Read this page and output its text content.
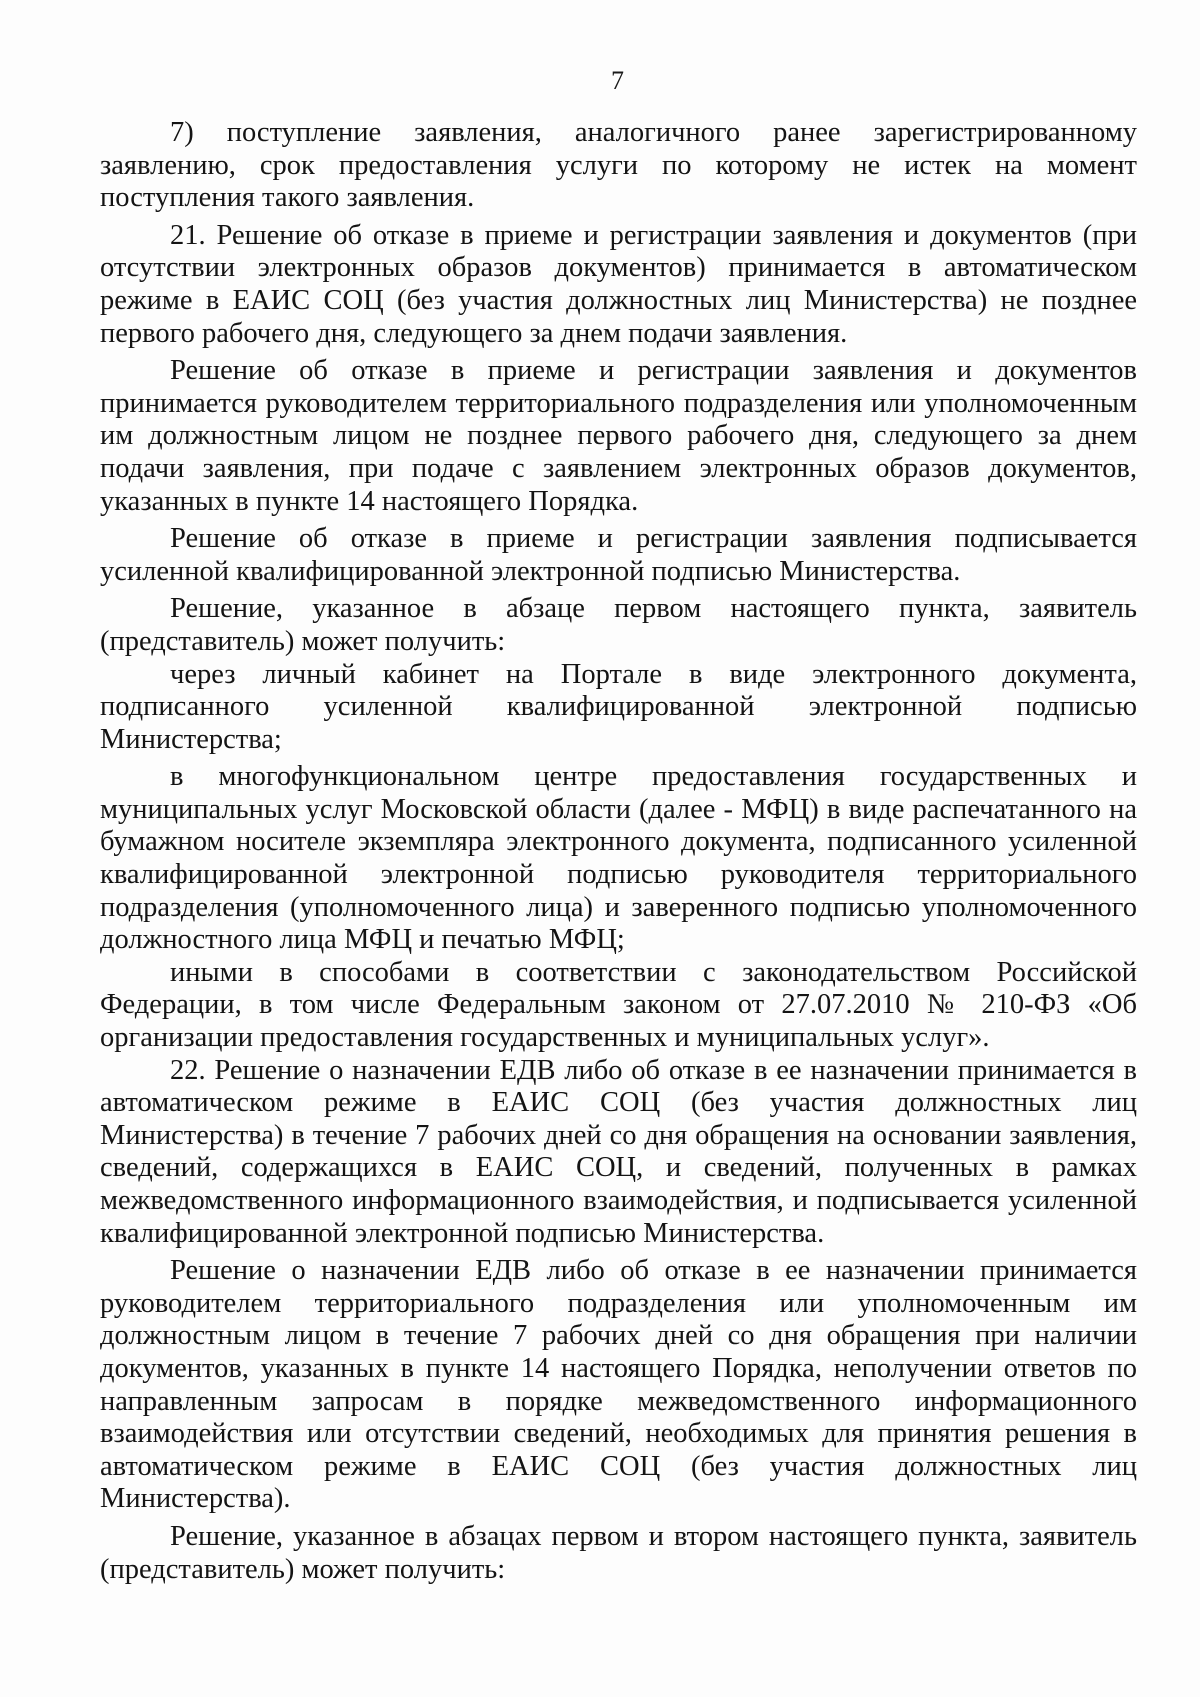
7

7) поступление заявления, аналогичного ранее зарегистрированному заявлению, срок предоставления услуги по которому не истек на момент поступления такого заявления.

21. Решение об отказе в приеме и регистрации заявления и документов (при отсутствии электронных образов документов) принимается в автоматическом режиме в ЕАИС СОЦ (без участия должностных лиц Министерства) не позднее первого рабочего дня, следующего за днем подачи заявления.

Решение об отказе в приеме и регистрации заявления и документов принимается руководителем территориального подразделения или уполномоченным им должностным лицом не позднее первого рабочего дня, следующего за днем подачи заявления, при подаче с заявлением электронных образов документов, указанных в пункте 14 настоящего Порядка.

Решение об отказе в приеме и регистрации заявления подписывается усиленной квалифицированной электронной подписью Министерства.

Решение, указанное в абзаце первом настоящего пункта, заявитель (представитель) может получить:

через личный кабинет на Портале в виде электронного документа, подписанного усиленной квалифицированной электронной подписью Министерства;

в многофункциональном центре предоставления государственных и муниципальных услуг Московской области (далее - МФЦ) в виде распечатанного на бумажном носителе экземпляра электронного документа, подписанного усиленной квалифицированной электронной подписью руководителя территориального подразделения (уполномоченного лица) и заверенного подписью уполномоченного должностного лица МФЦ и печатью МФЦ;

иными в способами в соответствии с законодательством Российской Федерации, в том числе Федеральным законом от 27.07.2010 № 210-ФЗ «Об организации предоставления государственных и муниципальных услуг».

22. Решение о назначении ЕДВ либо об отказе в ее назначении принимается в автоматическом режиме в ЕАИС СОЦ (без участия должностных лиц Министерства) в течение 7 рабочих дней со дня обращения на основании заявления, сведений, содержащихся в ЕАИС СОЦ, и сведений, полученных в рамках межведомственного информационного взаимодействия, и подписывается усиленной квалифицированной электронной подписью Министерства.

Решение о назначении ЕДВ либо об отказе в ее назначении принимается руководителем территориального подразделения или уполномоченным им должностным лицом в течение 7 рабочих дней со дня обращения при наличии документов, указанных в пункте 14 настоящего Порядка, неполучении ответов по направленным запросам в порядке межведомственного информационного взаимодействия или отсутствии сведений, необходимых для принятия решения в автоматическом режиме в ЕАИС СОЦ (без участия должностных лиц Министерства).

Решение, указанное в абзацах первом и втором настоящего пункта, заявитель (представитель) может получить:
